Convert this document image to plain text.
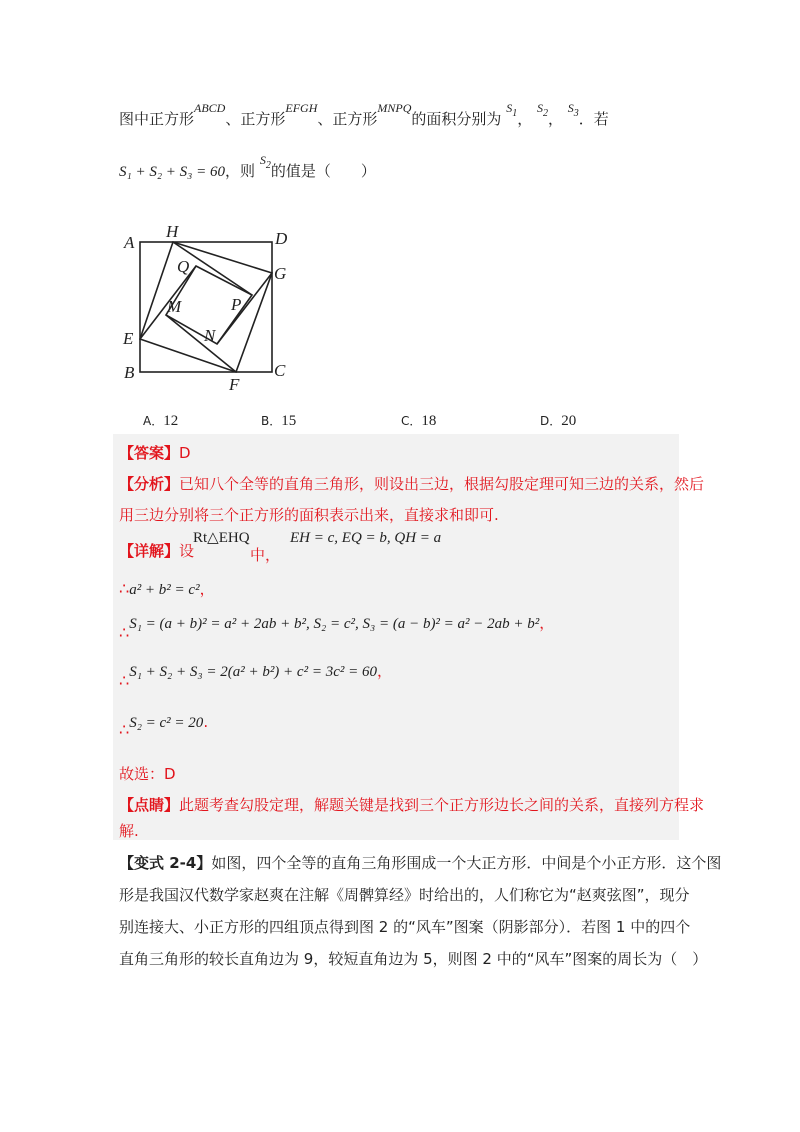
图中正方形$^{ABCD}$、正方形$^{EFGH}$、正方形$^{MNPQ}$的面积分别为 $^{S_1}$， $^{S_2}$， $^{S_3}$．若
S₁ + S₂ + S₃ = 60，则 $^{S_2}$的值是（　　）
A
H	D
Q	G
M	P
E	N
B
F
C
A．12	B．15	C．18	D．20
【答案】D
【分析】已知八个全等的直角三角形，则设出三边，根据勾股定理可知三边的关系，然后
用三边分别将三个正方形的面积表示出来，直接求和即可.
【详解】设
Rt△EHQ
中，
EH = c, EQ = b, QH = a
∴a² + b² = c²，
∴S₁ = (a + b)² = a² + 2ab + b², S₂ = c², S₃ = (a − b)² = a² − 2ab + b²，
∴S₁ + S₂ + S₃ = 2(a² + b²) + c² = 3c² = 60，
∴S₂ = c² = 20.
故选：D
【点睛】此题考查勾股定理，解题关键是找到三个正方形边长之间的关系，直接列方程求
解.
【变式 2-4】如图，四个全等的直角三角形围成一个大正方形．中间是个小正方形．这个图
形是我国汉代数学家赵爽在注解《周髀算经》时给出的，人们称它为“赵爽弦图”，现分
别连接大、小正方形的四组顶点得到图 2 的“风车”图案（阴影部分）．若图 1 中的四个
直角三角形的较长直角边为 9，较短直角边为 5，则图 2 中的“风车”图案的周长为（　）
